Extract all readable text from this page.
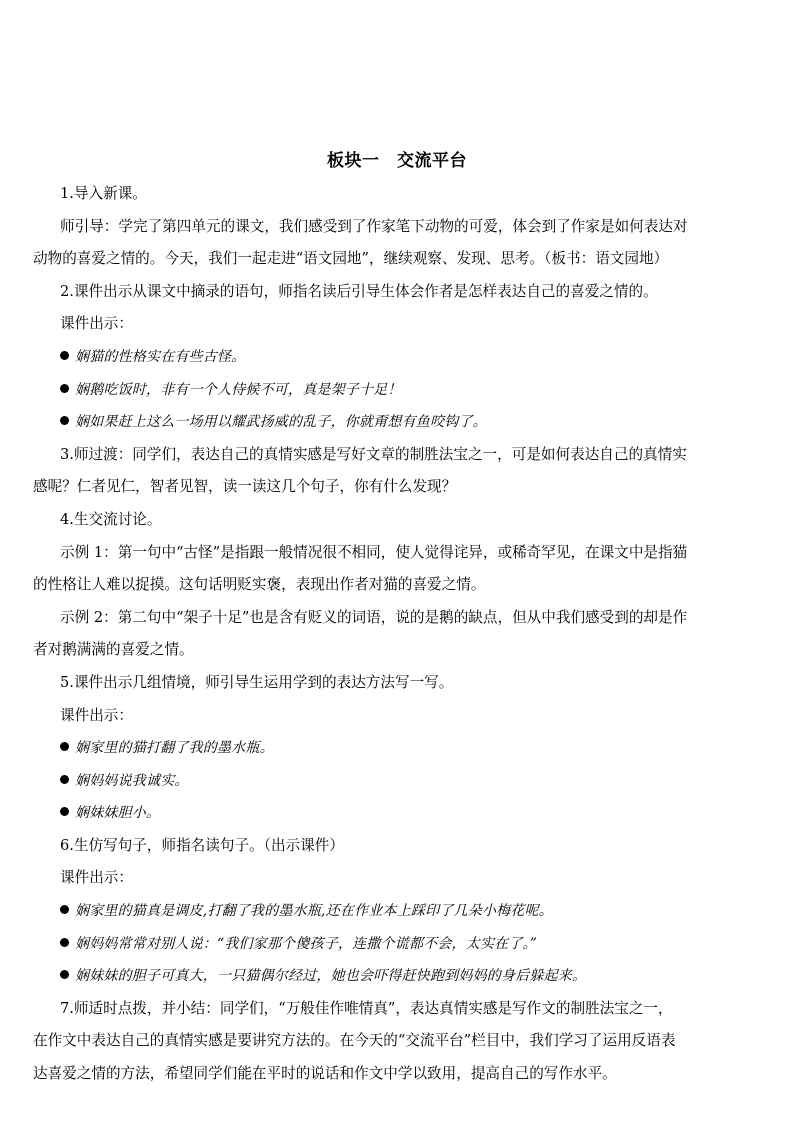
板块一　交流平台
1.导入新课。
师引导：学完了第四单元的课文，我们感受到了作家笔下动物的可爱，体会到了作家是如何表达对
动物的喜爱之情的。今天，我们一起走进“语文园地”，继续观察、发现、思考。（板书：语文园地）
2.课件出示从课文中摘录的语句，师指名读后引导生体会作者是怎样表达自己的喜爱之情的。
课件出示：
娴猫的性格实在有些古怪。
娴鹅吃饭时，非有一个人侍候不可，真是架子十足！
娴如果赶上这么一场用以耀武扬威的乱子，你就甭想有鱼咬钩了。
3.师过渡：同学们，表达自己的真情实感是写好文章的制胜法宝之一，可是如何表达自己的真情实
感呢？仁者见仁，智者见智，读一读这几个句子，你有什么发现？
4.生交流讨论。
示例 1：第一句中“古怪”是指跟一般情况很不相同，使人觉得诧异，或稀奇罕见，在课文中是指猫
的性格让人难以捉摸。这句话明贬实褒，表现出作者对猫的喜爱之情。
示例 2：第二句中“架子十足”也是含有贬义的词语，说的是鹅的缺点，但从中我们感受到的却是作
者对鹅满满的喜爱之情。
5.课件出示几组情境，师引导生运用学到的表达方法写一写。
课件出示：
娴家里的猫打翻了我的墨水瓶。
娴妈妈说我诚实。
娴妹妹胆小。
6.生仿写句子，师指名读句子。（出示课件）
课件出示：
娴家里的猫真是调皮,打翻了我的墨水瓶,还在作业本上踩印了几朵小梅花呢。
娴妈妈常常对别人说：“我们家那个傻孩子，连撒个谎都不会，太实在了。”
娴妹妹的胆子可真大，一只猫偶尔经过，她也会吓得赶快跑到妈妈的身后躲起来。
7.师适时点拨，并小结：同学们，“万般佳作唯情真”，表达真情实感是写作文的制胜法宝之一，
在作文中表达自己的真情实感是要讲究方法的。在今天的“交流平台”栏目中，我们学习了运用反语表
达喜爱之情的方法，希望同学们能在平时的说话和作文中学以致用，提高自己的写作水平。
